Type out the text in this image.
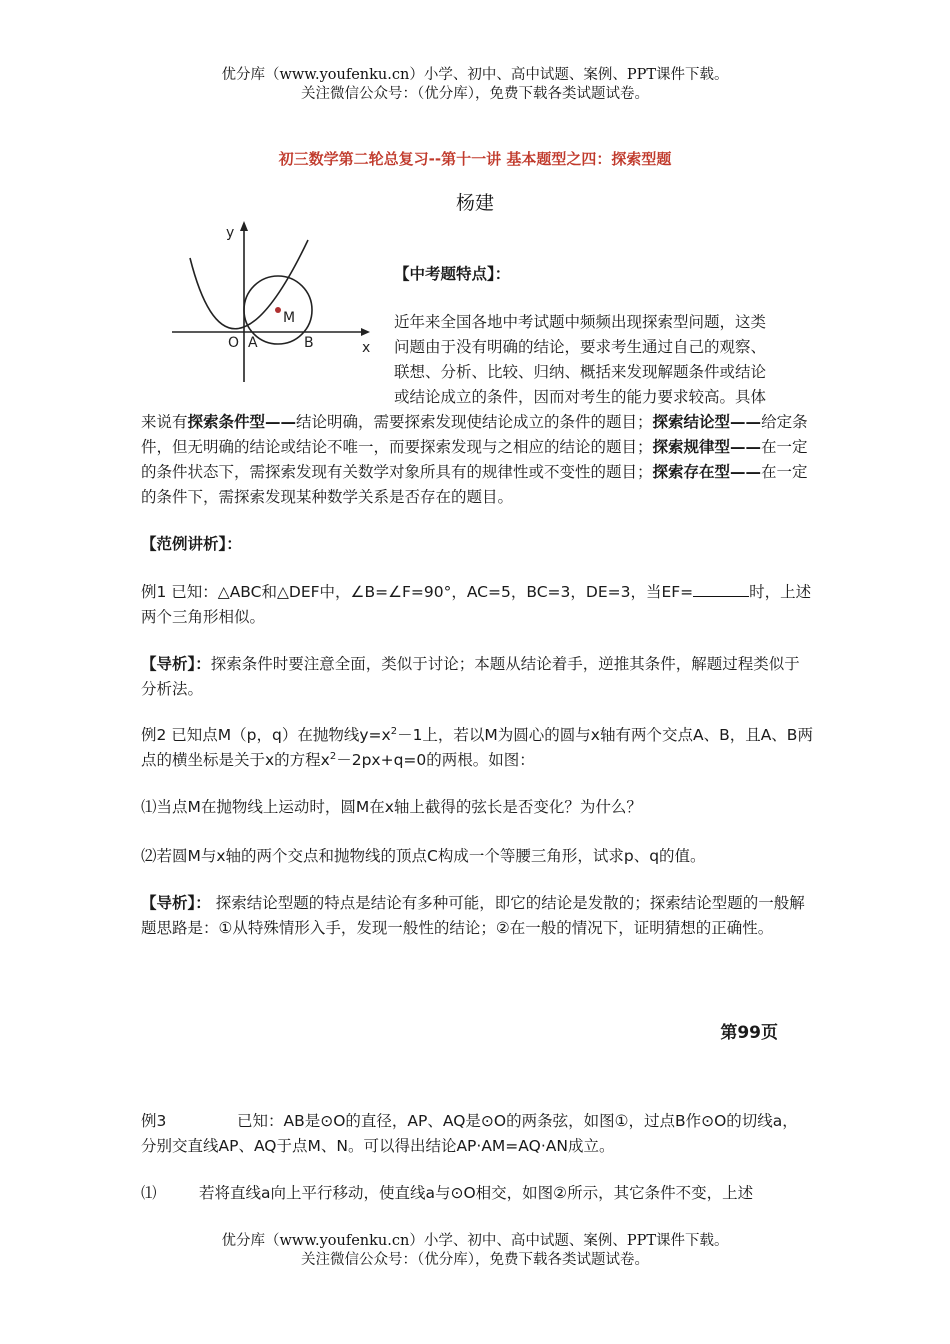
优分库（www.youfenku.cn）小学、初中、高中试题、案例、PPT课件下载。
关注微信公众号：（优分库），免费下载各类试题试卷。
初三数学第二轮总复习--第十一讲 基本题型之四：探索型题
杨建
y
x
O A	B
M
【中考题特点】：
近年来全国各地中考试题中频频出现探索型问题，这类
问题由于没有明确的结论，要求考生通过自己的观察、
联想、分析、比较、归纳、概括来发现解题条件或结论
或结论成立的条件，因而对考生的能力要求较高。具体
来说有探索条件型——结论明确，需要探索发现使结论成立的条件的题目；探索结论型——给定条件，但无明确的结论或结论不唯一，而要探索发现与之相应的结论的题目；探索规律型——在一定的条件状态下，需探索发现有关数学对象所具有的规律性或不变性的题目；探索存在型——在一定的条件下，需探索发现某种数学关系是否存在的题目。
【范例讲析】：
例1 已知：△ABC和△DEF中，∠B=∠F=90°，AC=5，BC=3，DE=3，当EF=	时，上述两个三角形相似。
【导析】：探索条件时要注意全面，类似于讨论；本题从结论着手，逆推其条件，解题过程类似于分析法。
例2 已知点M（p，q）在抛物线$y=x^2-1$上，若以M为圆心的圆与x轴有两个交点A、B，且A、B两点的横坐标是关于x的方程$x^2-2px+q=0$的两根。如图：
⑴当点M在抛物线上运动时，圆M在x轴上截得的弦长是否变化？为什么？
⑵若圆M与x轴的两个交点和抛物线的顶点C构成一个等腰三角形，试求p、q的值。
【导析】： 探索结论型题的特点是结论有多种可能，即它的结论是发散的；探索结论型题的一般解题思路是：①从特殊情形入手，发现一般性的结论；②在一般的情况下，证明猜想的正确性。
第99页
例3	已知：AB是⊙O的直径，AP、AQ是⊙O的两条弦，如图①，过点B作⊙O的切线a，分别交直线AP、AQ于点M、N。可以得出结论AP·AM=AQ·AN成立。
⑴	若将直线a向上平行移动，使直线a与⊙O相交，如图②所示，其它条件不变，上述
优分库（www.youfenku.cn）小学、初中、高中试题、案例、PPT课件下载。
关注微信公众号：（优分库），免费下载各类试题试卷。
